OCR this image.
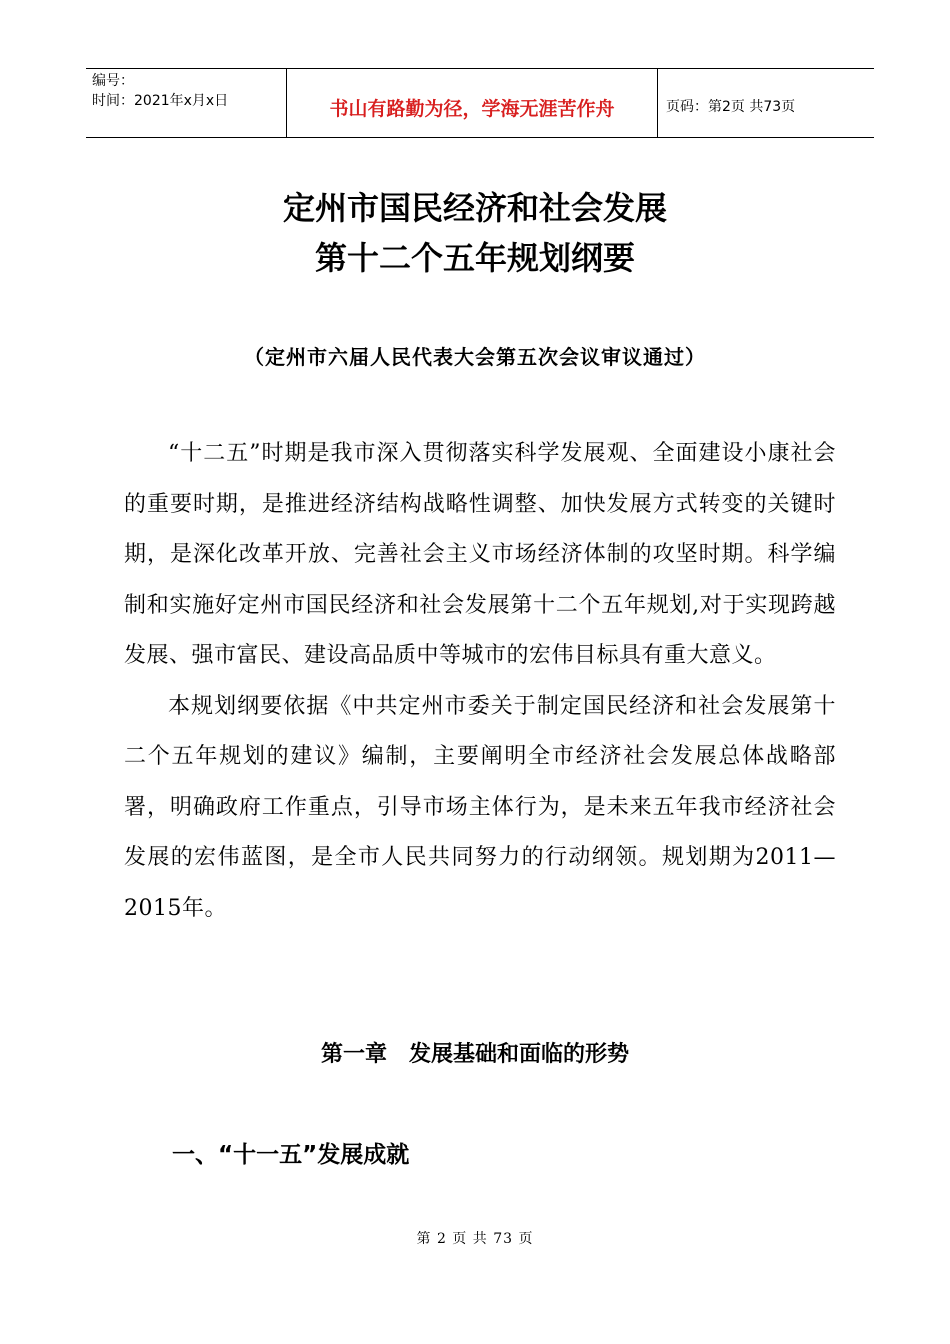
编号：
时间：2021年x月x日	书山有路勤为径，学海无涯苦作舟	页码：第2页 共73页
定州市国民经济和社会发展
第十二个五年规划纲要
（定州市六届人民代表大会第五次会议审议通过）

“十二五”时期是我市深入贯彻落实科学发展观、全面建设小康社会的重要时期，是推进经济结构战略性调整、加快发展方式转变的关键时期，是深化改革开放、完善社会主义市场经济体制的攻坚时期。科学编制和实施好定州市国民经济和社会发展第十二个五年规划,对于实现跨越发展、强市富民、建设高品质中等城市的宏伟目标具有重大意义。

本规划纲要依据《中共定州市委关于制定国民经济和社会发展第十二个五年规划的建议》编制，主要阐明全市经济社会发展总体战略部署，明确政府工作重点，引导市场主体行为，是未来五年我市经济社会发展的宏伟蓝图，是全市人民共同努力的行动纲领。规划期为2011—2015年。

第一章　发展基础和面临的形势
一、“十一五”发展成就
第 2 页 共 73 页
